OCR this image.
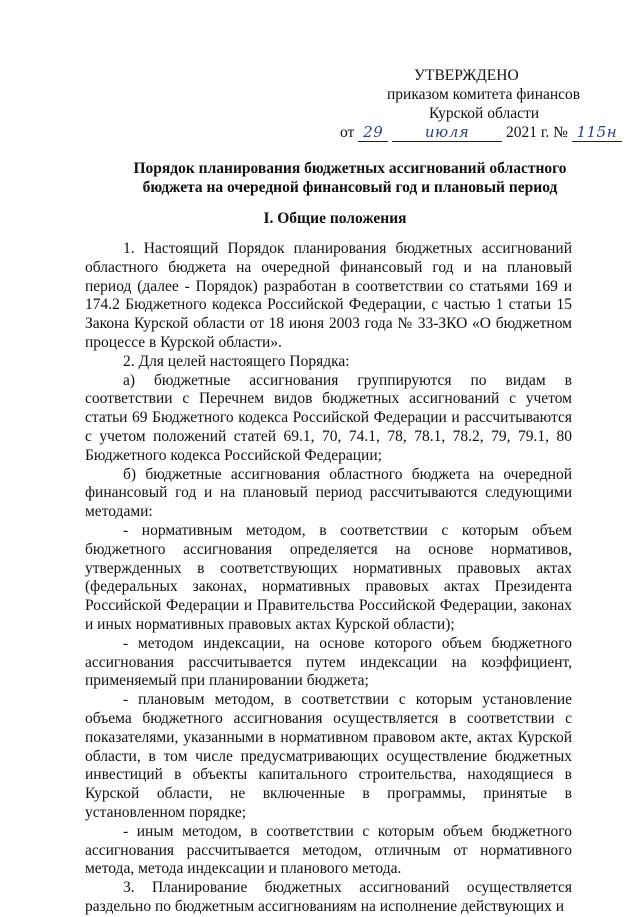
УТВЕРЖДЕНО
приказом комитета финансов
Курской области
от 29	июля 2021 г. № 115н
Порядок планирования бюджетных ассигнований областного
бюджета на очередной финансовый год и плановый период
I. Общие положения

1. Настоящий Порядок планирования бюджетных ассигнований областного бюджета на очередной финансовый год и на плановый период (далее - Порядок) разработан в соответствии со статьями 169 и 174.2 Бюджетного кодекса Российской Федерации, с частью 1 статьи 15 Закона Курской области от 18 июня 2003 года № 33-ЗКО «О бюджетном процессе в Курской области».

2. Для целей настоящего Порядка:

а) бюджетные ассигнования группируются по видам в соответствии с Перечнем видов бюджетных ассигнований с учетом статьи 69 Бюджетного кодекса Российской Федерации и рассчитываются с учетом положений статей 69.1, 70, 74.1, 78, 78.1, 78.2, 79, 79.1, 80 Бюджетного кодекса Российской Федерации;

б) бюджетные ассигнования областного бюджета на очередной финансовый год и на плановый период рассчитываются следующими методами:

- нормативным методом, в соответствии с которым объем бюджетного ассигнования определяется на основе нормативов, утвержденных в соответствующих нормативных правовых актах (федеральных законах, нормативных правовых актах Президента Российской Федерации и Правительства Российской Федерации, законах и иных нормативных правовых актах Курской области);

- методом индексации, на основе которого объем бюджетного ассигнования рассчитывается путем индексации на коэффициент, применяемый при планировании бюджета;

- плановым методом, в соответствии с которым установление объема бюджетного ассигнования осуществляется в соответствии с показателями, указанными в нормативном правовом акте, актах Курской области, в том числе предусматривающих осуществление бюджетных инвестиций в объекты капитального строительства, находящиеся в Курской области, не включенные в программы, принятые в установленном порядке;

- иным методом, в соответствии с которым объем бюджетного ассигнования рассчитывается методом, отличным от нормативного метода, метода индексации и планового метода.

3. Планирование бюджетных ассигнований осуществляется раздельно по бюджетным ассигнованиям на исполнение действующих и
